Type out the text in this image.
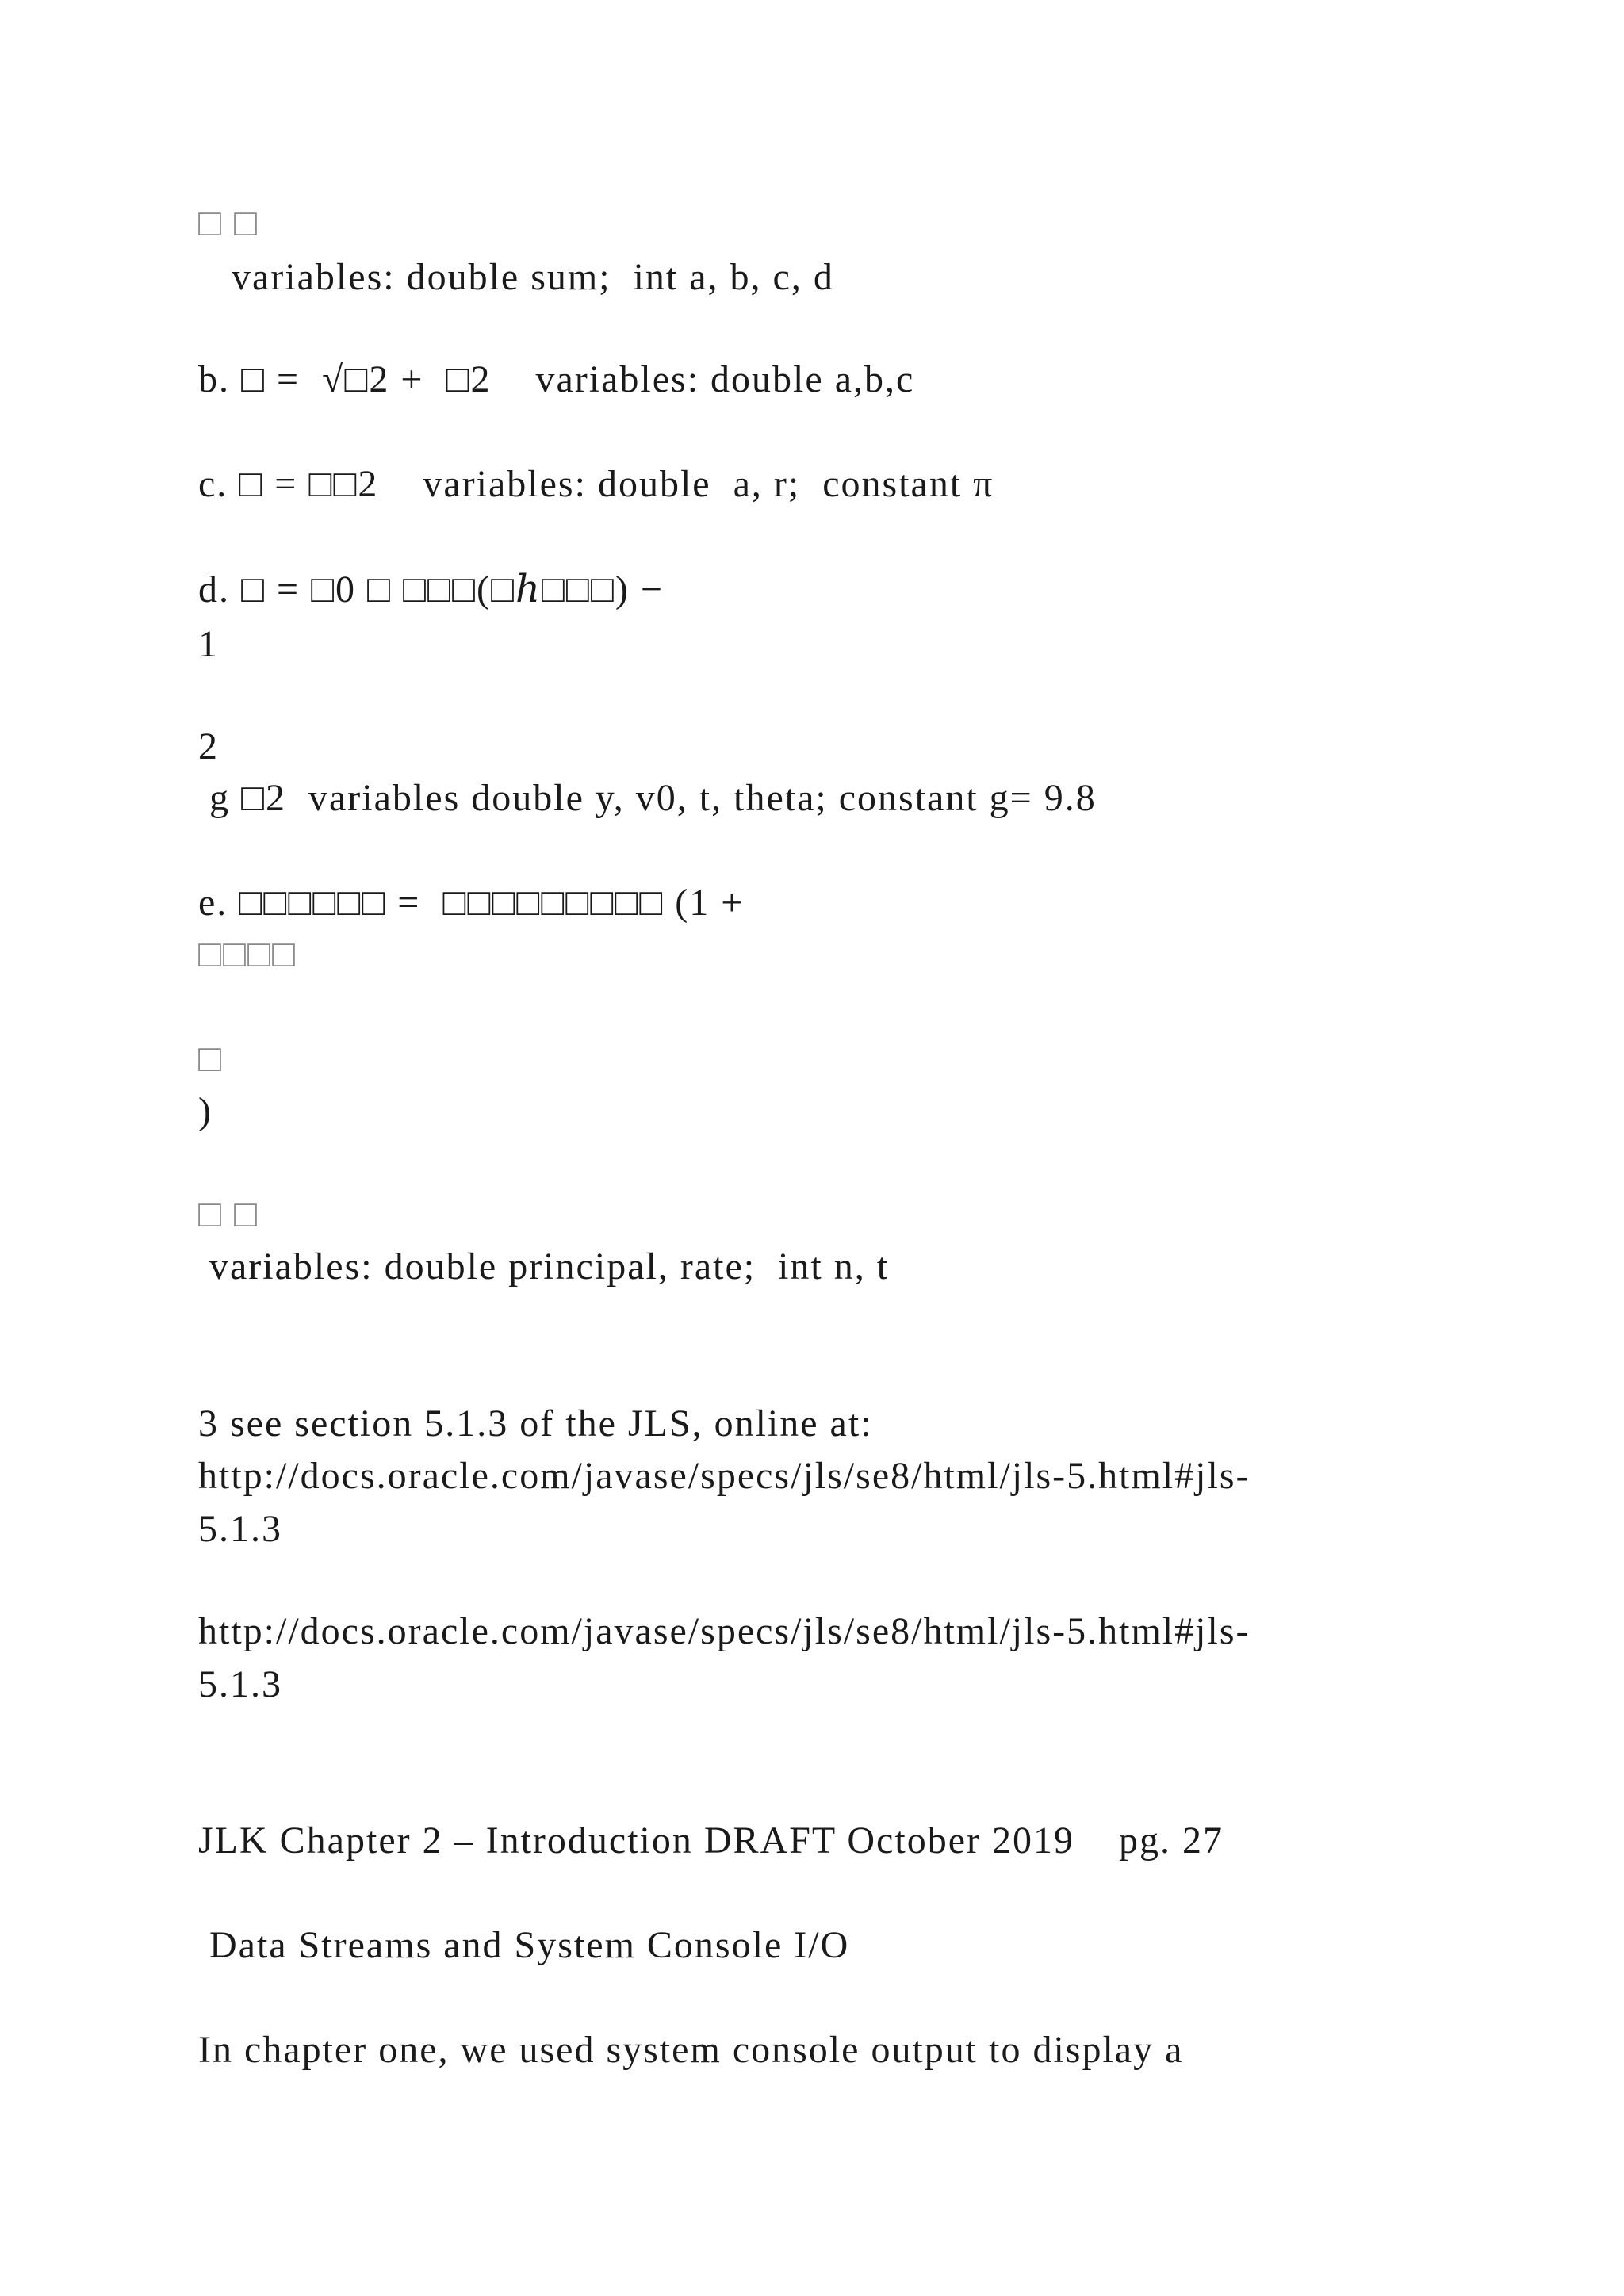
□ □
variables: double sum;  int a, b, c, d
b. □ =  √□2 +  □2    variables: double a,b,c
c. □ = □□2    variables: double  a, r;  constant π
d. □ = □0 □ □□□(□ℎ□□□) −
1
2
g □2  variables double y, v0, t, theta; constant g= 9.8
e. □□□□□□ =  □□□□□□□□□ (1 +
□□□□
□
)
□ □
variables: double principal, rate;  int n, t
3 see section 5.1.3 of the JLS, online at:
http://docs.oracle.com/javase/specs/jls/se8/html/jls-5.html#jls-
5.1.3
http://docs.oracle.com/javase/specs/jls/se8/html/jls-5.html#jls-
5.1.3
JLK Chapter 2 – Introduction DRAFT October 2019    pg. 27
Data Streams and System Console I/O
In chapter one, we used system console output to display a
